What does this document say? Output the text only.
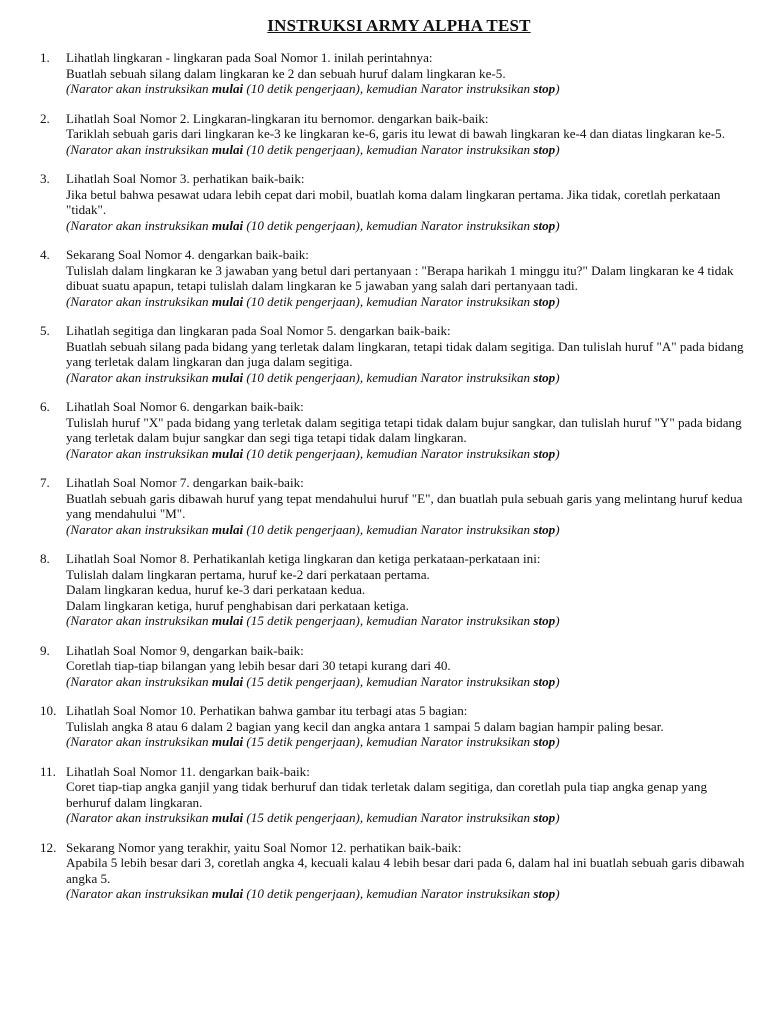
INSTRUKSI ARMY ALPHA TEST
1. Lihatlah lingkaran - lingkaran pada Soal Nomor 1. inilah perintahnya:
Buatlah sebuah silang dalam lingkaran ke 2 dan sebuah huruf dalam lingkaran ke-5.
(Narator akan instruksikan mulai (10 detik pengerjaan), kemudian Narator instruksikan stop)
2. Lihatlah Soal Nomor 2. Lingkaran-lingkaran itu bernomor. dengarkan baik-baik:
Tariklah sebuah garis dari lingkaran ke-3 ke lingkaran ke-6, garis itu lewat di bawah lingkaran ke-4 dan diatas lingkaran ke-5.
(Narator akan instruksikan mulai (10 detik pengerjaan), kemudian Narator instruksikan stop)
3. Lihatlah Soal Nomor 3. perhatikan baik-baik:
Jika betul bahwa pesawat udara lebih cepat dari mobil, buatlah koma dalam lingkaran pertama. Jika tidak, coretlah perkataan "tidak".
(Narator akan instruksikan mulai (10 detik pengerjaan), kemudian Narator instruksikan stop)
4. Sekarang Soal Nomor 4. dengarkan baik-baik:
Tulislah dalam lingkaran ke 3 jawaban yang betul dari pertanyaan : "Berapa harikah 1 minggu itu?" Dalam lingkaran ke 4 tidak dibuat suatu apapun, tetapi tulislah dalam lingkaran ke 5 jawaban yang salah dari pertanyaan tadi.
(Narator akan instruksikan mulai (10 detik pengerjaan), kemudian Narator instruksikan stop)
5. Lihatlah segitiga dan lingkaran pada Soal Nomor 5. dengarkan baik-baik:
Buatlah sebuah silang pada bidang yang terletak dalam lingkaran, tetapi tidak dalam segitiga. Dan tulislah huruf "A" pada bidang yang terletak dalam lingkaran dan juga dalam segitiga.
(Narator akan instruksikan mulai (10 detik pengerjaan), kemudian Narator instruksikan stop)
6. Lihatlah Soal Nomor 6. dengarkan baik-baik:
Tulislah huruf "X" pada bidang yang terletak dalam segitiga tetapi tidak dalam bujur sangkar, dan tulislah huruf "Y" pada bidang yang terletak dalam bujur sangkar dan segi tiga tetapi tidak dalam lingkaran.
(Narator akan instruksikan mulai (10 detik pengerjaan), kemudian Narator instruksikan stop)
7. Lihatlah Soal Nomor 7. dengarkan baik-baik:
Buatlah sebuah garis dibawah huruf yang tepat mendahului huruf "E", dan buatlah pula sebuah garis yang melintang huruf kedua yang mendahului "M".
(Narator akan instruksikan mulai (10 detik pengerjaan), kemudian Narator instruksikan stop)
8. Lihatlah Soal Nomor 8. Perhatikanlah ketiga lingkaran dan ketiga perkataan-perkataan ini:
Tulislah dalam lingkaran pertama, huruf ke-2 dari perkataan pertama.
Dalam lingkaran kedua, huruf ke-3 dari perkataan kedua.
Dalam lingkaran ketiga, huruf penghabisan dari perkataan ketiga.
(Narator akan instruksikan mulai (15 detik pengerjaan), kemudian Narator instruksikan stop)
9. Lihatlah Soal Nomor 9, dengarkan baik-baik:
Coretlah tiap-tiap bilangan yang lebih besar dari 30 tetapi kurang dari 40.
(Narator akan instruksikan mulai (15 detik pengerjaan), kemudian Narator instruksikan stop)
10. Lihatlah Soal Nomor 10. Perhatikan bahwa gambar itu terbagi atas 5 bagian:
Tulislah angka 8 atau 6 dalam 2 bagian yang kecil dan angka antara 1 sampai 5 dalam bagian hampir paling besar.
(Narator akan instruksikan mulai (15 detik pengerjaan), kemudian Narator instruksikan stop)
11. Lihatlah Soal Nomor 11. dengarkan baik-baik:
Coret tiap-tiap angka ganjil yang tidak berhuruf dan tidak terletak dalam segitiga, dan coretlah pula tiap angka genap yang berhuruf dalam lingkaran.
(Narator akan instruksikan mulai (15 detik pengerjaan), kemudian Narator instruksikan stop)
12. Sekarang Nomor yang terakhir, yaitu Soal Nomor 12. perhatikan baik-baik:
Apabila 5 lebih besar dari 3, coretlah angka 4, kecuali kalau 4 lebih besar dari pada 6, dalam hal ini buatlah sebuah garis dibawah angka 5.
(Narator akan instruksikan mulai (10 detik pengerjaan), kemudian Narator instruksikan stop)
